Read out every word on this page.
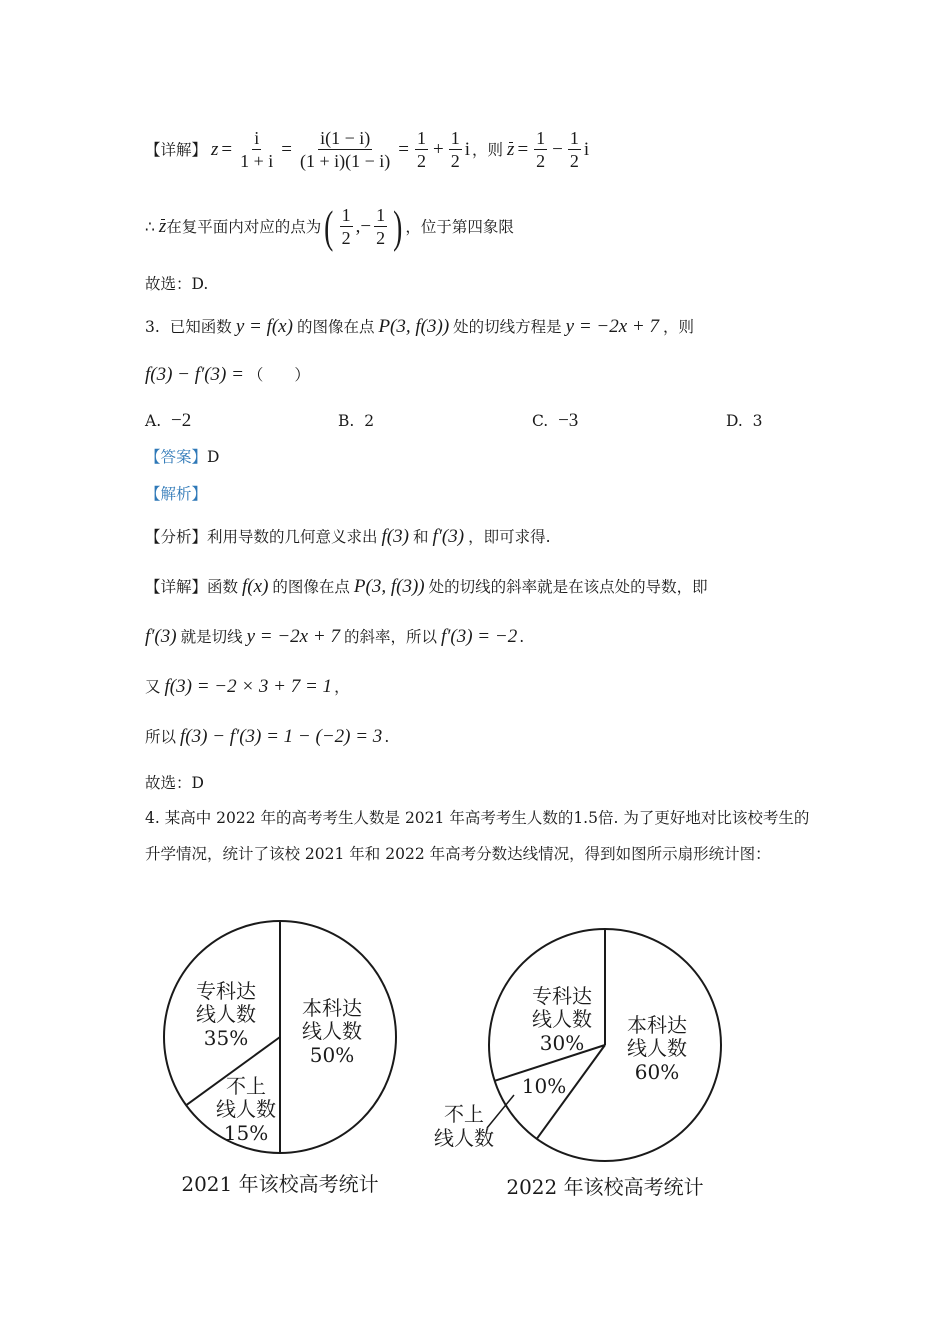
【详解】 $z = \frac{i}{1 + i} = \frac{i(1 - i)}{(1 + i)(1 - i)} = \frac{1}{2} + \frac{1}{2}$ i ，则 $z = \frac{1}{2} - \frac{1}{2}$ i
∴ z 在复平面内对应的点为 ( $\frac{1}{2}$ ,− $\frac{1}{2}$ ) ，位于第四象限
故选：D.
3. 已知函数 y = f(x) 的图像在点 P(3, f(3)) 处的切线方程是 y = −2x + 7 ，则
f(3) − f′(3) = （　　）
A. −2	B. 2	C. −3	D. 3
【答案】 D
【解析】
【分析】 利用导数的几何意义求出 f(3) 和 f′(3) ，即可求得.
【详解】 函数 f(x) 的图像在点 P(3, f(3)) 处的切线的斜率就是在该点处的导数，即
f′(3) 就是切线 y = −2x + 7 的斜率，所以 f′(3) = −2 .
又 f(3) = −2 × 3 + 7 = 1 ，
所以 f(3) − f′(3) = 1 − (−2) = 3 .
故选：D
4. 某高中 2022 年的高考考生人数是 2021 年高考考生人数的1.5倍. 为了更好地对比该校考生的升学情况，统计了该校 2021 年和 2022 年高考分数达线情况，得到如图所示扇形统计图：
本科达
线人数
50%
专科达
线人数
35%
不上
线人数
15%
2021 年该校高考统计
本科达
线人数
60%
专科达
线人数
30%
10%
不上
线人数
2022 年该校高考统计
